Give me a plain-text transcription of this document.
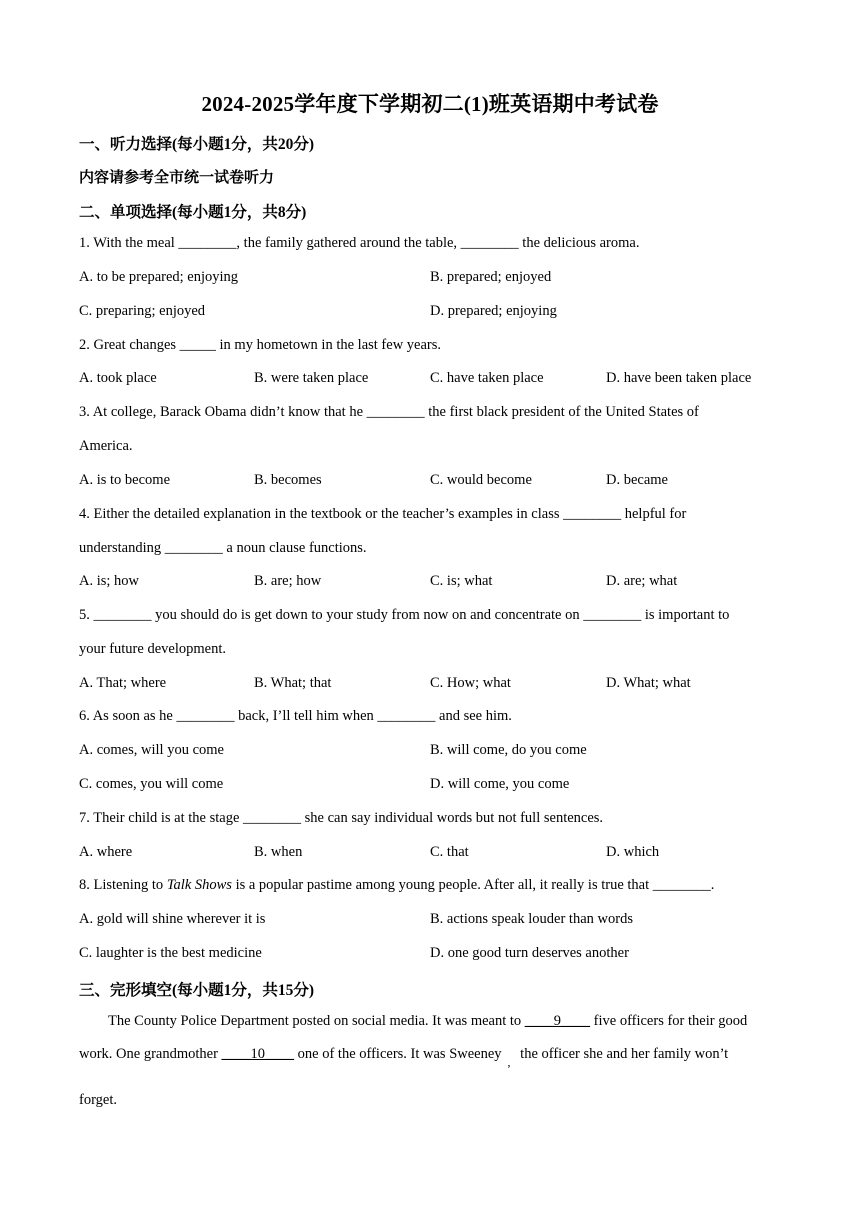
2024-2025学年度下学期初二(1)班英语期中考试卷
一、听力选择(每小题1分，共20分)
内容请参考全市统一试卷听力
二、单项选择(每小题1分，共8分)
1. With the meal ________, the family gathered around the table, ________ the delicious aroma.
A. to be prepared; enjoying	B. prepared; enjoyed
C. preparing; enjoyed	D. prepared; enjoying
2. Great changes _____ in my hometown in the last few years.
A. took place	B. were taken place	C. have taken place	D. have been taken place
3. At college, Barack Obama didn’t know that he ________ the first black president of the United States of
America.
A. is to become	B. becomes	C. would become	D. became
4. Either the detailed explanation in the textbook or the teacher’s examples in class ________ helpful for
understanding ________ a noun clause functions.
A. is; how	B. are; how	C. is; what	D. are; what
5. ________ you should do is get down to your study from now on and concentrate on ________ is important to
your future development.
A. That; where	B. What; that	C. How; what	D. What; what
6. As soon as he ________ back, I’ll tell him when ________ and see him.
A. comes, will you come	B. will come, do you come
C. comes, you will come	D. will come, you come
7. Their child is at the stage ________ she can say individual words but not full sentences.
A. where	B. when	C. that	D. which
8. Listening to Talk Shows is a popular pastime among young people. After all, it really is true that ________.
A. gold will shine wherever it is	B. actions speak louder than words
C. laughter is the best medicine	D. one good turn deserves another
三、完形填空(每小题1分，共15分)
The County Police Department posted on social media. It was meant to ____9____ five officers for their good
work. One grandmother ____10____ one of the officers. It was Sweeney $_,$ the officer she and her family won’t
forget.
